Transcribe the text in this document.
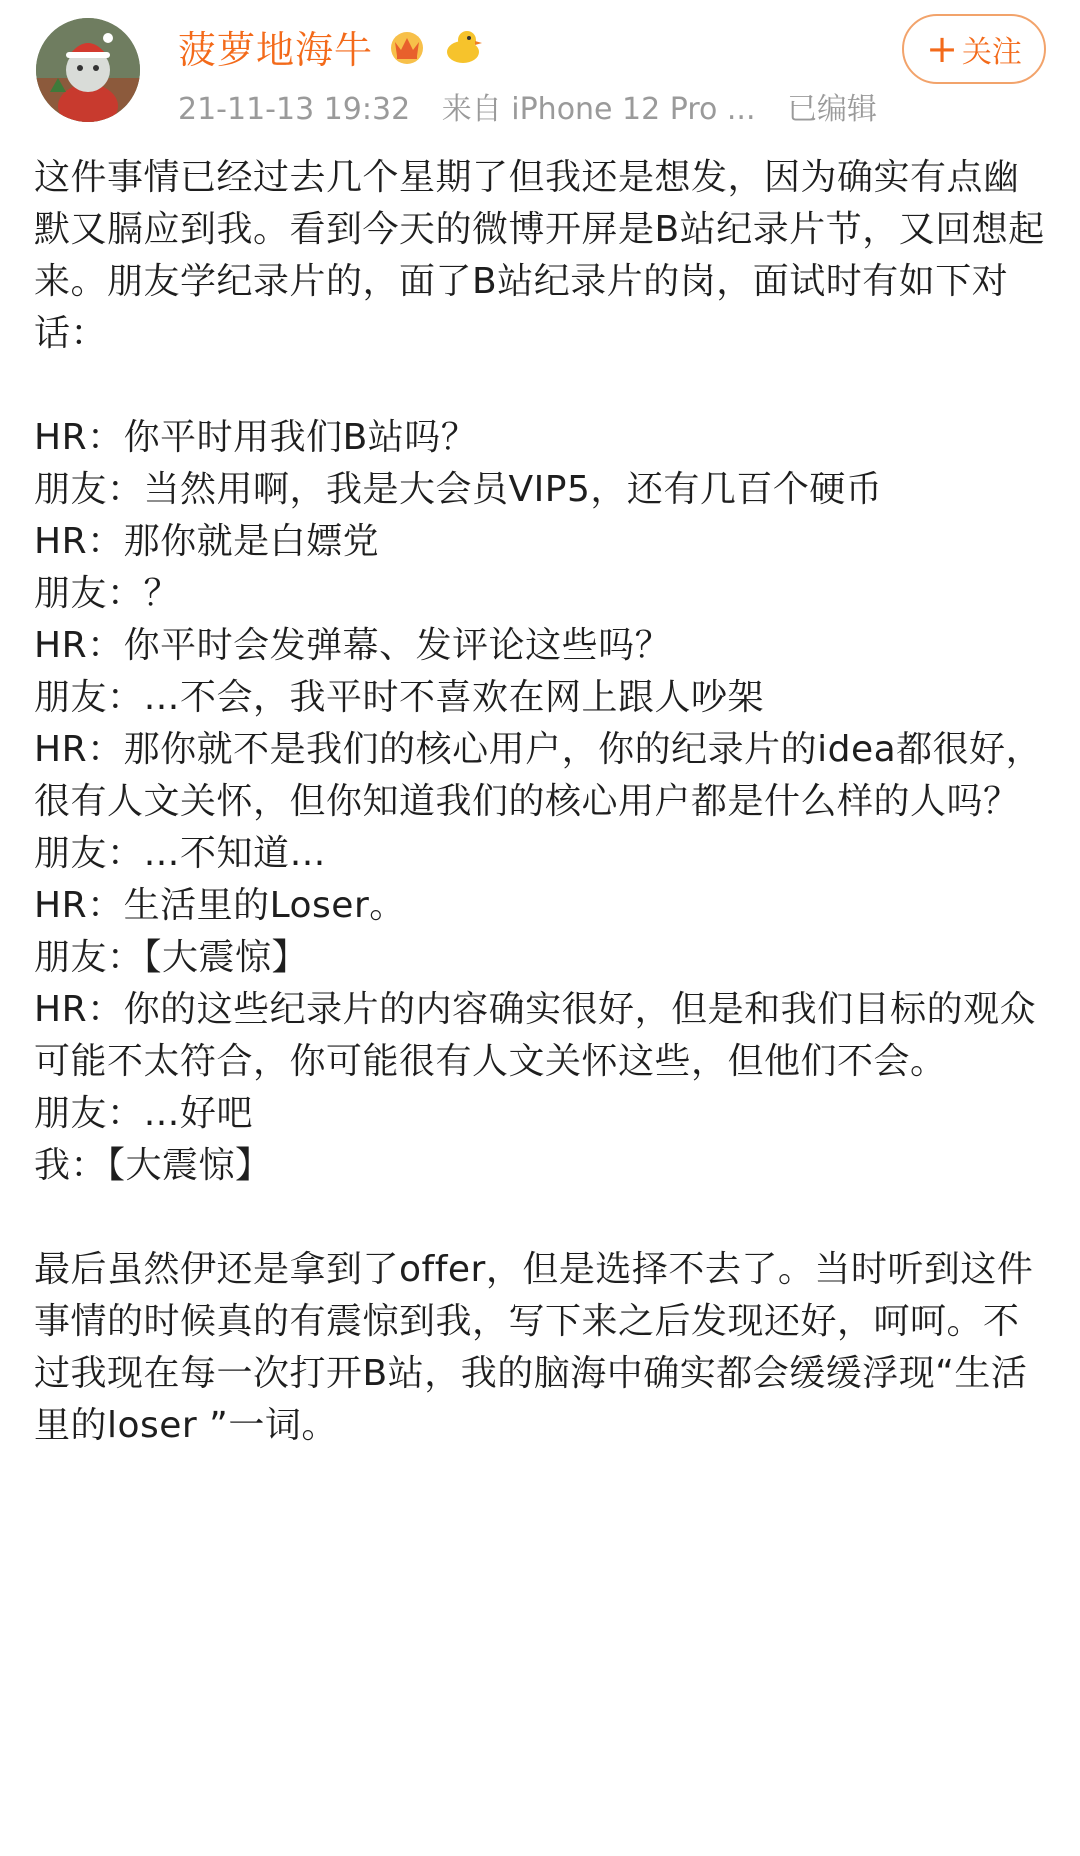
菠萝地海牛
21-11-13 19:32 来自 iPhone 12 Pro ... 已编辑
+ 关注

这件事情已经过去几个星期了但我还是想发，因为确实有点幽默又膈应到我。看到今天的微博开屏是B站纪录片节，又回想起来。朋友学纪录片的，面了B站纪录片的岗，面试时有如下对话：

HR：你平时用我们B站吗？

朋友：当然用啊，我是大会员VIP5，还有几百个硬币

HR：那你就是白嫖党

朋友：？

HR：你平时会发弹幕、发评论这些吗？

朋友：…不会，我平时不喜欢在网上跟人吵架

HR：那你就不是我们的核心用户，你的纪录片的idea都很好，很有人文关怀，但你知道我们的核心用户都是什么样的人吗？

朋友：…不知道…

HR：生活里的Loser。

朋友：【大震惊】

HR：你的这些纪录片的内容确实很好，但是和我们目标的观众可能不太符合，你可能很有人文关怀这些，但他们不会。

朋友：…好吧

我：【大震惊】

最后虽然伊还是拿到了offer，但是选择不去了。当时听到这件事情的时候真的有震惊到我，写下来之后发现还好，呵呵。不过我现在每一次打开B站，我的脑海中确实都会缓缓浮现“生活里的loser ”一词。
